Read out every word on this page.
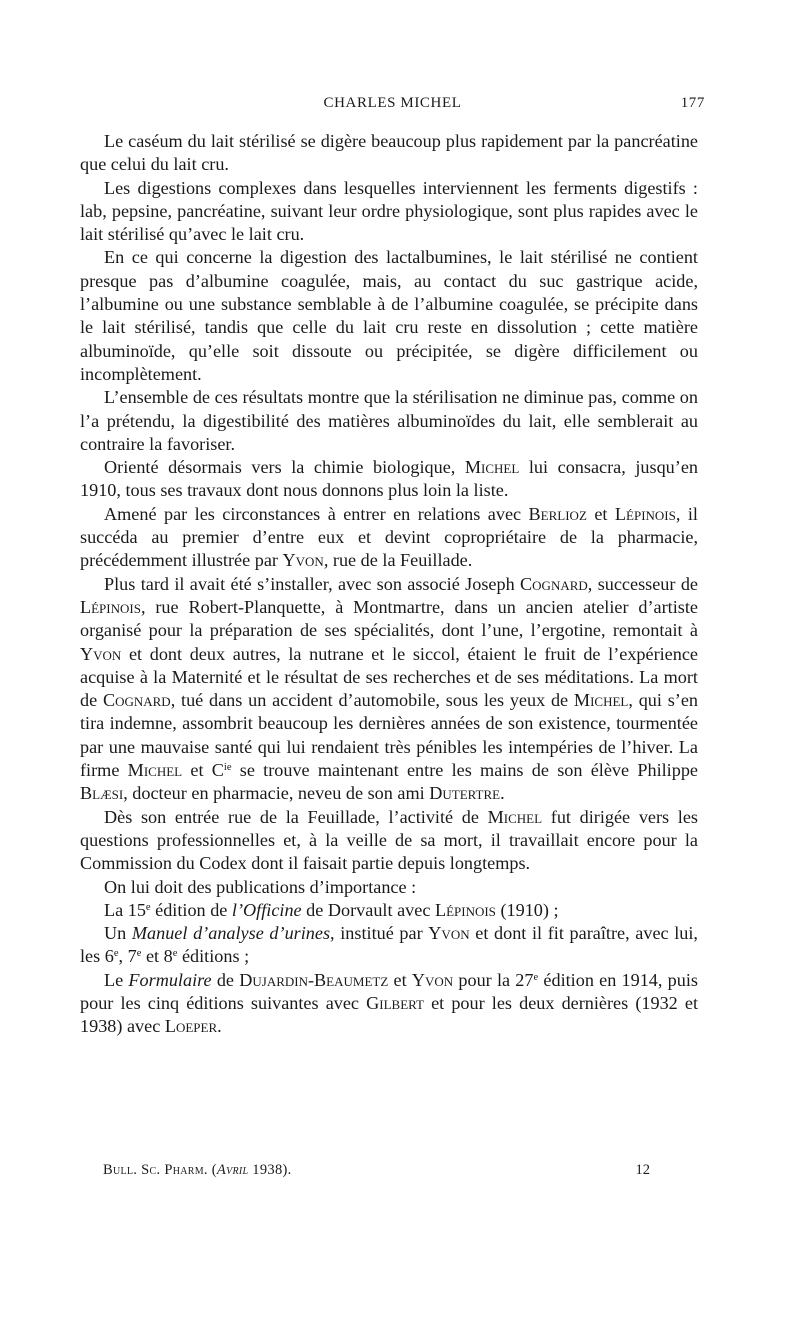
CHARLES MICHEL	177

Le caséum du lait stérilisé se digère beaucoup plus rapidement par la pancréatine que celui du lait cru.

Les digestions complexes dans lesquelles interviennent les ferments digestifs : lab, pepsine, pancréatine, suivant leur ordre physiologique, sont plus rapides avec le lait stérilisé qu’avec le lait cru.

En ce qui concerne la digestion des lactalbumines, le lait stérilisé ne contient presque pas d’albumine coagulée, mais, au contact du suc gastrique acide, l’albumine ou une substance semblable à de l’albumine coagulée, se précipite dans le lait stérilisé, tandis que celle du lait cru reste en dissolution ; cette matière albuminoïde, qu’elle soit dissoute ou précipitée, se digère difficilement ou incomplètement.

L’ensemble de ces résultats montre que la stérilisation ne diminue pas, comme on l’a prétendu, la digestibilité des matières albuminoïdes du lait, elle semblerait au contraire la favoriser.

Orienté désormais vers la chimie biologique, Michel lui consacra, jusqu’en 1910, tous ses travaux dont nous donnons plus loin la liste.

Amené par les circonstances à entrer en relations avec Berlioz et Lépinois, il succéda au premier d’entre eux et devint copropriétaire de la pharmacie, précédemment illustrée par Yvon, rue de la Feuillade.

Plus tard il avait été s’installer, avec son associé Joseph Cognard, successeur de Lépinois, rue Robert-Planquette, à Montmartre, dans un ancien atelier d’artiste organisé pour la préparation de ses spécialités, dont l’une, l’ergotine, remontait à Yvon et dont deux autres, la nutrane et le siccol, étaient le fruit de l’expérience acquise à la Maternité et le résultat de ses recherches et de ses méditations. La mort de Cognard, tué dans un accident d’automobile, sous les yeux de Michel, qui s’en tira indemne, assombrit beaucoup les dernières années de son existence, tourmentée par une mauvaise santé qui lui rendaient très pénibles les intempéries de l’hiver. La firme Michel et $C^{ie}$ se trouve maintenant entre les mains de son élève Philippe Blæsi, docteur en pharmacie, neveu de son ami Dutertre.

Dès son entrée rue de la Feuillade, l’activité de Michel fut dirigée vers les questions professionnelles et, à la veille de sa mort, il travaillait encore pour la Commission du Codex dont il faisait partie depuis longtemps.

On lui doit des publications d’importance :

La 15e édition de l’Officine de Dorvault avec Lépinois (1910) ;

Un Manuel d’analyse d’urines, institué par Yvon et dont il fit paraître, avec lui, les 6e, 7e et 8e éditions ;

Le Formulaire de Dujardin-Beaumetz et Yvon pour la 27e édition en 1914, puis pour les cinq éditions suivantes avec Gilbert et pour les deux dernières (1932 et 1938) avec Loeper.

Bull. Sc. Pharm. (Avril 1938).	12
